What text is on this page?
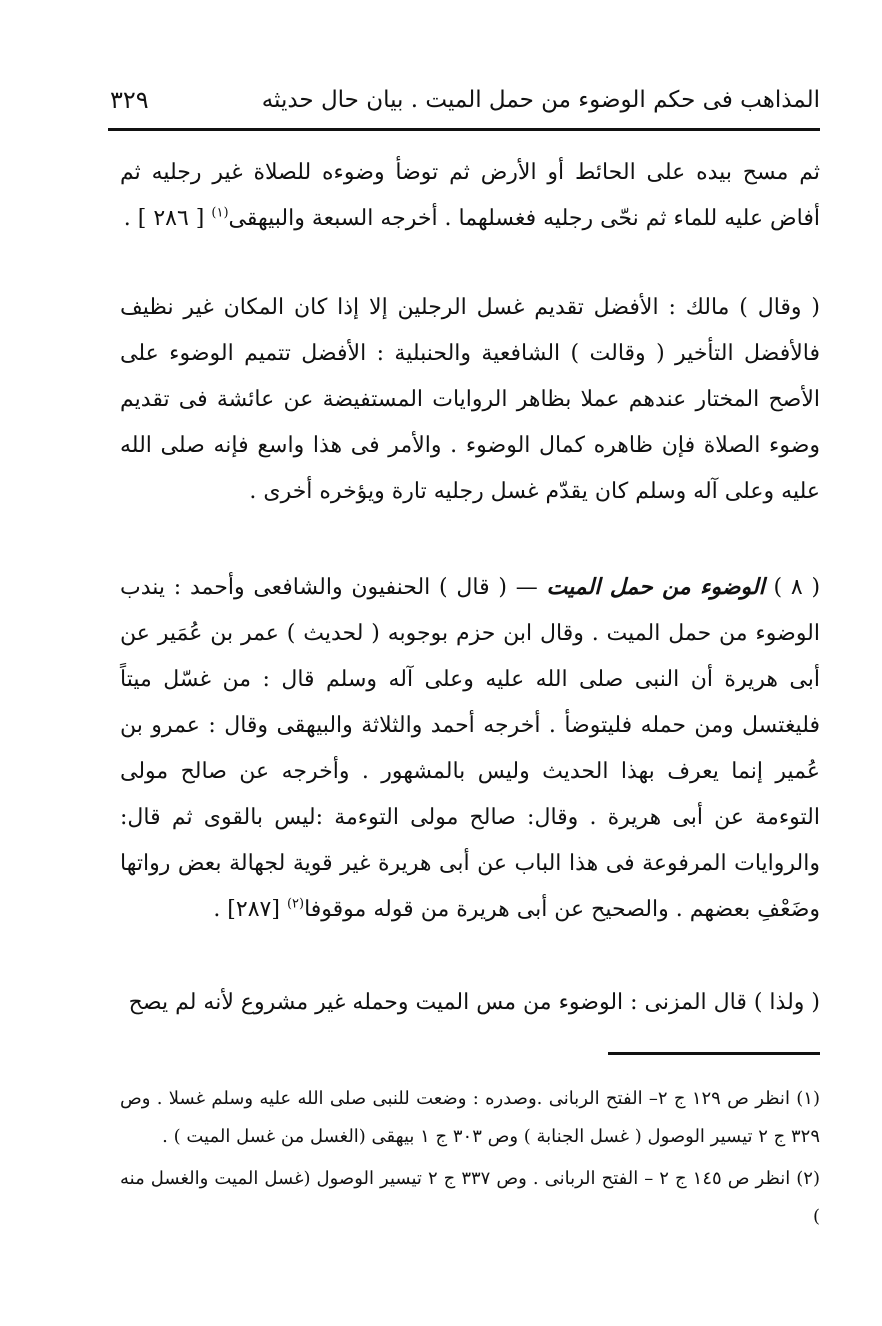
المذاهب فى حكم الوضوء من حمل الميت . بيان حال حديثه
٣٢٩

ثم مسح بيده على الحائط أو الأرض ثم توضأ وضوءه للصلاة غير رجليه ثم أفاض عليه للماء ثم نحّى رجليه فغسلهما . أخرجه السبعة والبيهقى$^{(١)}$ [ ٢٨٦ ] .

( وقال ) مالك : الأفضل تقديم غسل الرجلين إلا إذا كان المكان غير نظيف فالأفضل التأخير ( وقالت ) الشافعية والحنبلية : الأفضل تتميم الوضوء على الأصح المختار عندهم عملا بظاهر الروايات المستفيضة عن عائشة فى تقديم وضوء الصلاة فإن ظاهره كمال الوضوء . والأمر فى هذا واسع فإنه صلى الله عليه وعلى آله وسلم كان يقدّم غسل رجليه تارة ويؤخره أخرى .

( ٨ ) الوضوء من حمل الميت — ( قال ) الحنفيون والشافعى وأحمد : يندب الوضوء من حمل الميت . وقال ابن حزم بوجوبه ( لحديث ) عمر بن عُمَير عن أبى هريرة أن النبى صلى الله عليه وعلى آله وسلم قال : من غسّل ميتاً فليغتسل ومن حمله فليتوضأ . أخرجه أحمد والثلاثة والبيهقى وقال : عمرو بن عُمير إنما يعرف بهذا الحديث وليس بالمشهور . وأخرجه عن صالح مولى التوءمة عن أبى هريرة . وقال: صالح مولى التوءمة :ليس بالقوى ثم قال: والروايات المرفوعة فى هذا الباب عن أبى هريرة غير قوية لجهالة بعض رواتها وضَعْفِ بعضهم . والصحيح عن أبى هريرة من قوله موقوفا$^{(٢)}$ [٢٨٧] .

( ولذا ) قال المزنى : الوضوء من مس الميت وحمله غير مشروع لأنه لم يصح

(١) انظر ص ١٢٩ ج ٢– الفتح الربانى .وصدره : وضعت للنبى صلى الله عليه وسلم غسلا . وص ٣٢٩ ج ٢ تيسير الوصول ( غسل الجنابة ) وص ٣٠٣ ج ١ بيهقى (الغسل من غسل الميت ) .

(٢) انظر ص ١٤٥ ج ٢ – الفتح الربانى . وص ٣٣٧ ج ٢ تيسير الوصول (غسل الميت والغسل منه )
